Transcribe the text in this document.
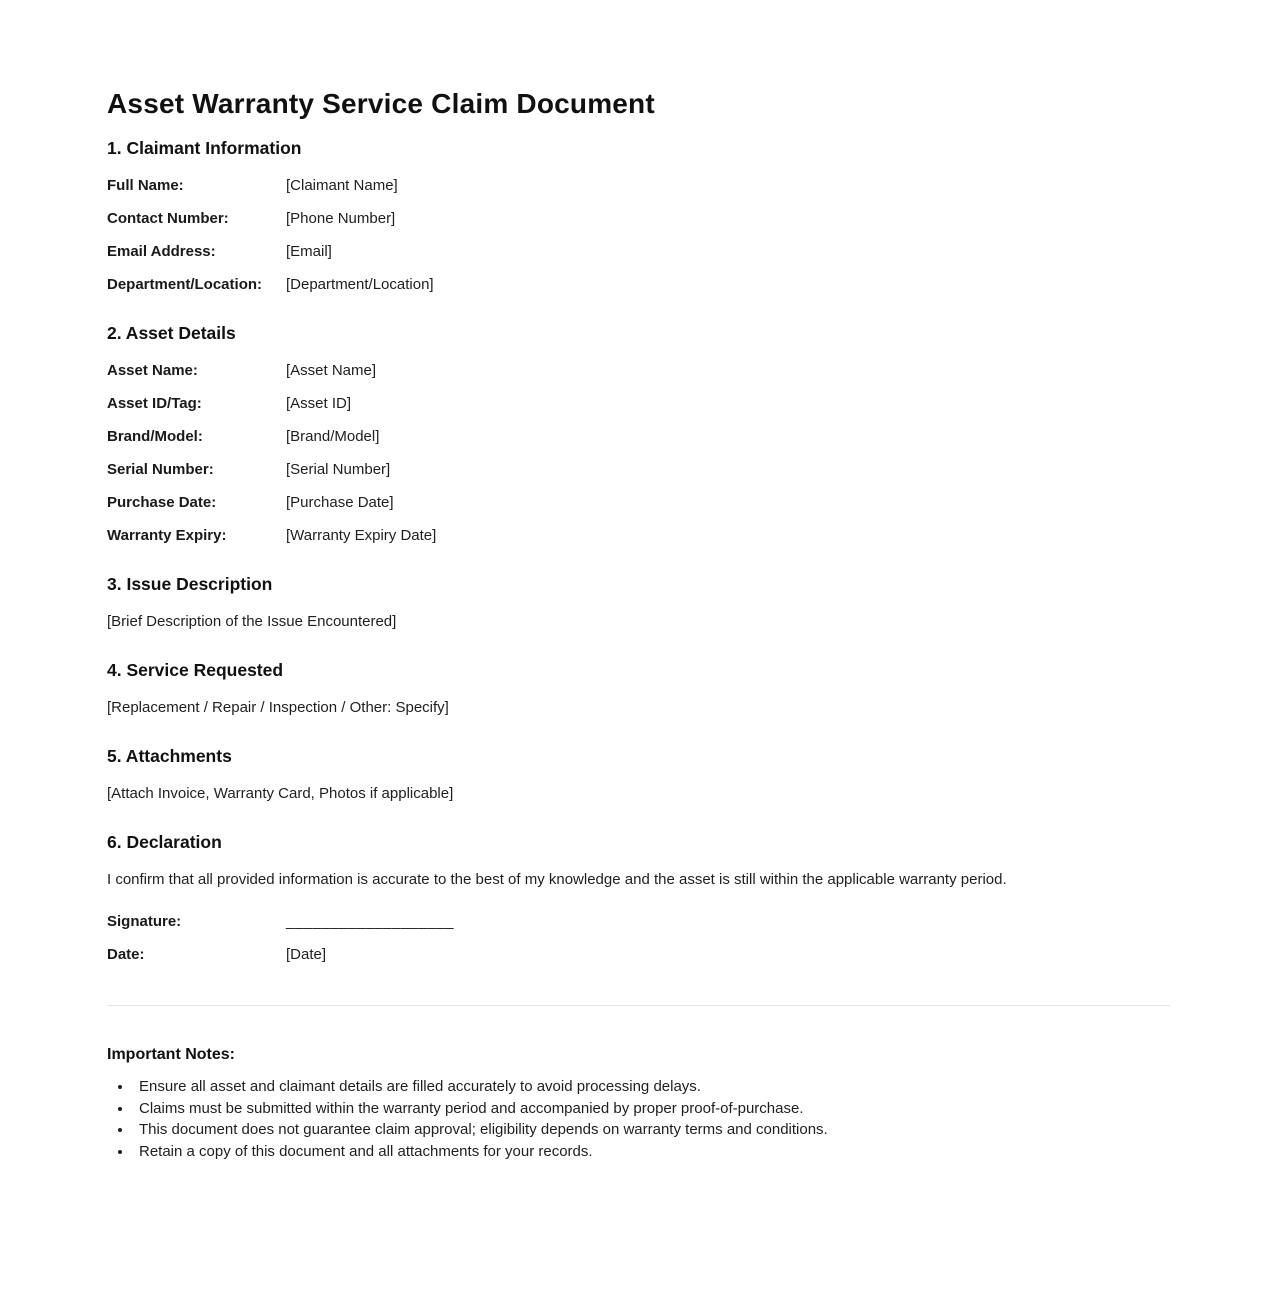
Asset Warranty Service Claim Document
1. Claimant Information
Full Name:	[Claimant Name]
Contact Number:	[Phone Number]
Email Address:	[Email]
Department/Location:	[Department/Location]
2. Asset Details
Asset Name:	[Asset Name]
Asset ID/Tag:	[Asset ID]
Brand/Model:	[Brand/Model]
Serial Number:	[Serial Number]
Purchase Date:	[Purchase Date]
Warranty Expiry:	[Warranty Expiry Date]
3. Issue Description

[Brief Description of the Issue Encountered]

4. Service Requested

[Replacement / Repair / Inspection / Other: Specify]

5. Attachments

[Attach Invoice, Warranty Card, Photos if applicable]

6. Declaration

I confirm that all provided information is accurate to the best of my knowledge and the asset is still within the applicable warranty period.

Signature:	___________________
Date:	[Date]
Important Notes:
• Ensure all asset and claimant details are filled accurately to avoid processing delays.
• Claims must be submitted within the warranty period and accompanied by proper proof-of-purchase.
• This document does not guarantee claim approval; eligibility depends on warranty terms and conditions.
• Retain a copy of this document and all attachments for your records.
